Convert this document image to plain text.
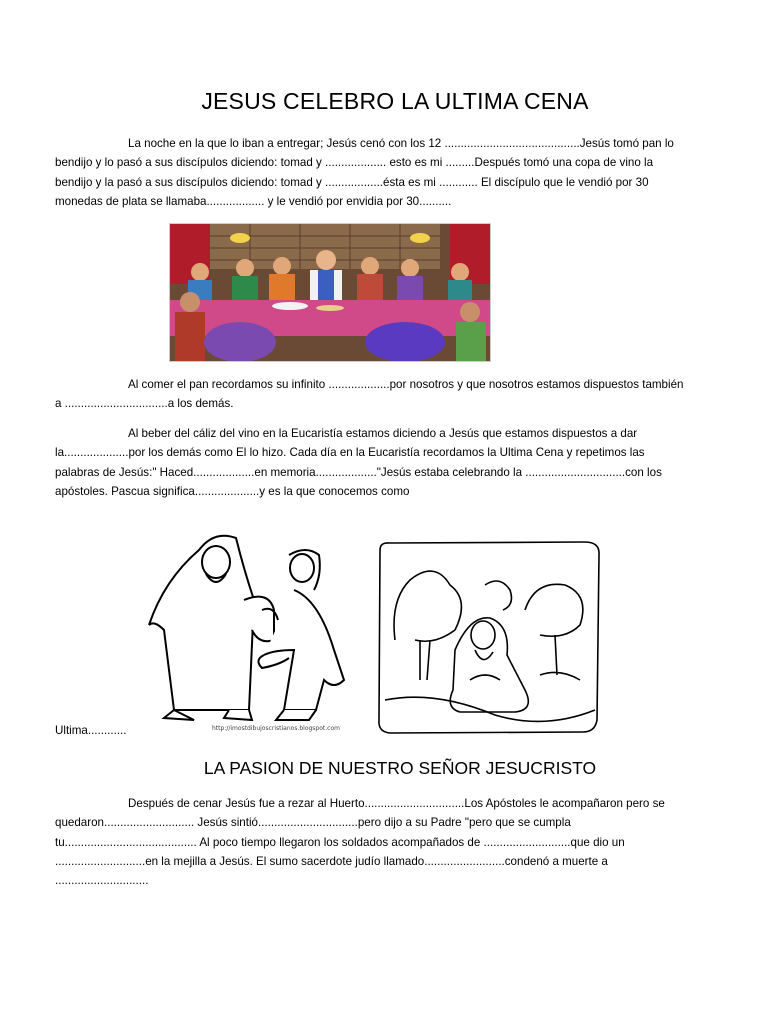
JESUS CELEBRO LA ULTIMA CENA

La noche en la que lo iban a entregar; Jesús cenó con los 12 ..........................................Jesús tomó pan lo bendijo y lo pasó a sus discípulos diciendo: tomad y ................... esto es mi .........Después tomó una copa de vino la bendijo y la pasó a sus discípulos diciendo: tomad y ..................ésta es mi ............ El discípulo que le vendió por 30 monedas de plata se llamaba.................. y le vendió por envidia por 30..........

Al comer el pan recordamos su infinito ...................por nosotros y que nosotros estamos dispuestos también a ................................a los demás.

Al beber del cáliz del vino en la Eucaristía estamos diciendo a Jesús que estamos dispuestos a dar la....................por los demás como El lo hizo. Cada día en la Eucaristía recordamos la Ultima Cena y repetimos las palabras de Jesús:" Haced...................en memoria..................."Jesús estaba celebrando la ...............................con los apóstoles. Pascua significa....................y es la que conocemos como

http://imostdibujoscristianos.blogspot.com
Ultima............
LA PASION DE NUESTRO SEÑOR JESUCRISTO

Después de cenar Jesús fue a rezar al Huerto...............................Los Apóstoles le acompañaron pero se quedaron............................ Jesús sintió...............................pero dijo a su Padre "pero que se cumpla tu......................................... Al poco tiempo llegaron los soldados acompañados de ...........................que dio un ............................en la mejilla a Jesús. El sumo sacerdote judío llamado.........................condenó a muerte a .............................
